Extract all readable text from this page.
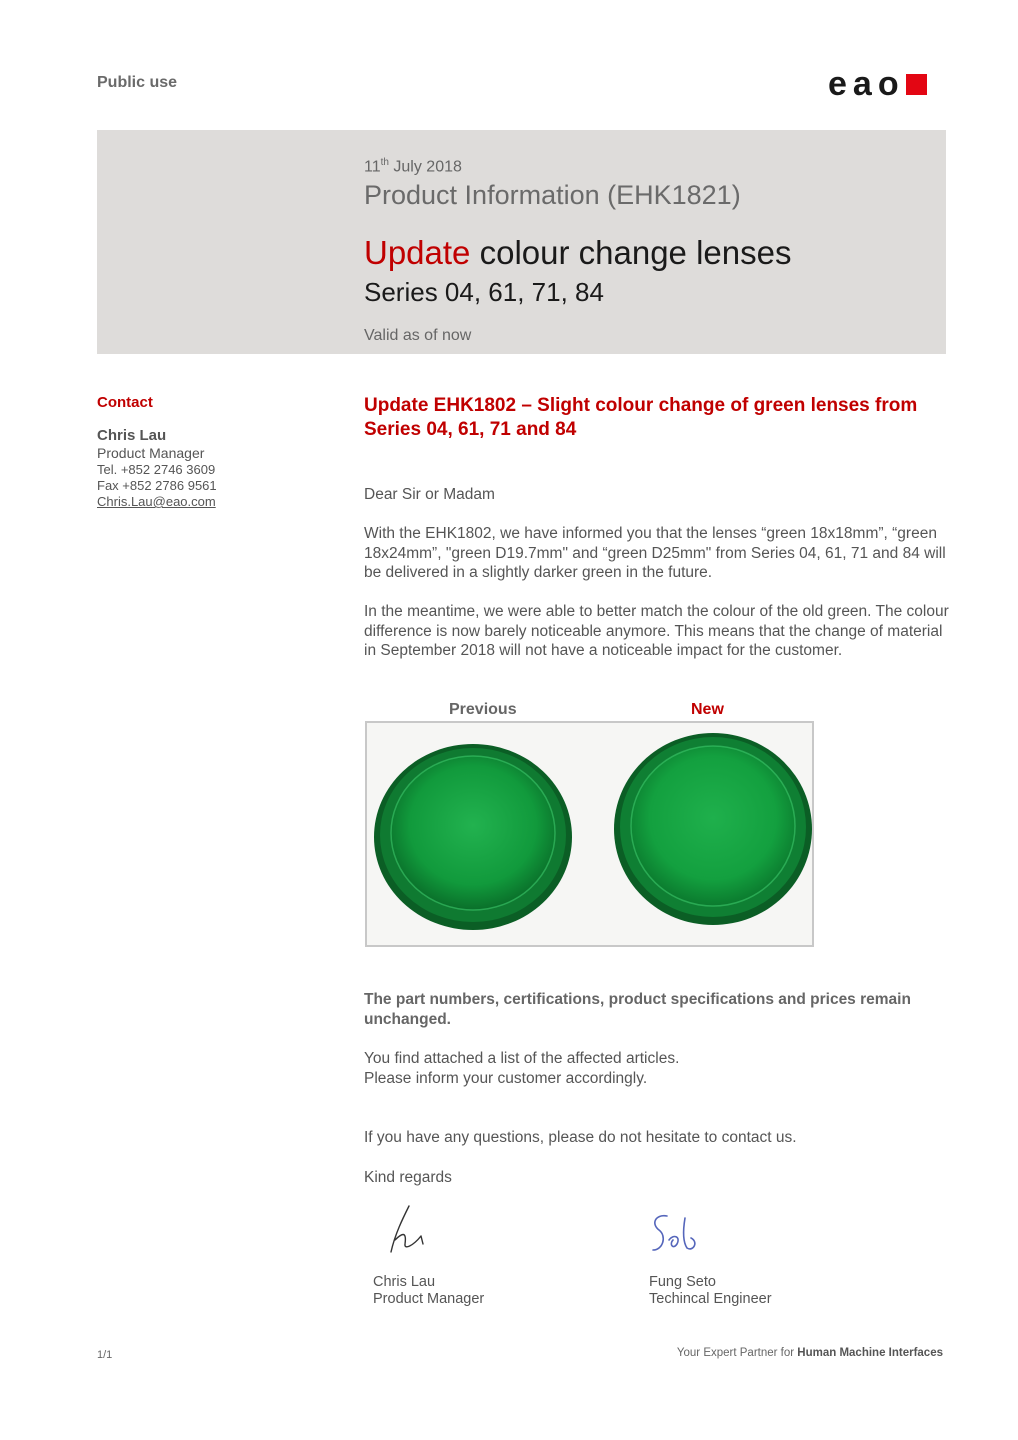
Public use	eao
11th July 2018
Product Information (EHK1821)
Update colour change lenses
Series 04, 61, 71, 84
Valid as of now
Contact
Chris Lau
Product Manager
Tel. +852 2746 3609
Fax +852 2786 9561
Chris.Lau@eao.com
Update EHK1802 – Slight colour change of green lenses from Series 04, 61, 71 and 84
Dear Sir or Madam
With the EHK1802, we have informed you that the lenses “green 18x18mm”, “green 18x24mm”, "green D19.7mm" and “green D25mm" from Series 04, 61, 71 and 84 will be delivered in a slightly darker green in the future.
In the meantime, we were able to better match the colour of the old green. The colour difference is now barely noticeable anymore. This means that the change of material in September 2018 will not have a noticeable impact for the customer.
Previous	New
The part numbers, certifications, product specifications and prices remain unchanged.
You find attached a list of the affected articles.
Please inform your customer accordingly.
If you have any questions, please do not hesitate to contact us.
Kind regards
Chris Lau
Product Manager
Fung Seto
Techincal Engineer
1/1	Your Expert Partner for Human Machine Interfaces
